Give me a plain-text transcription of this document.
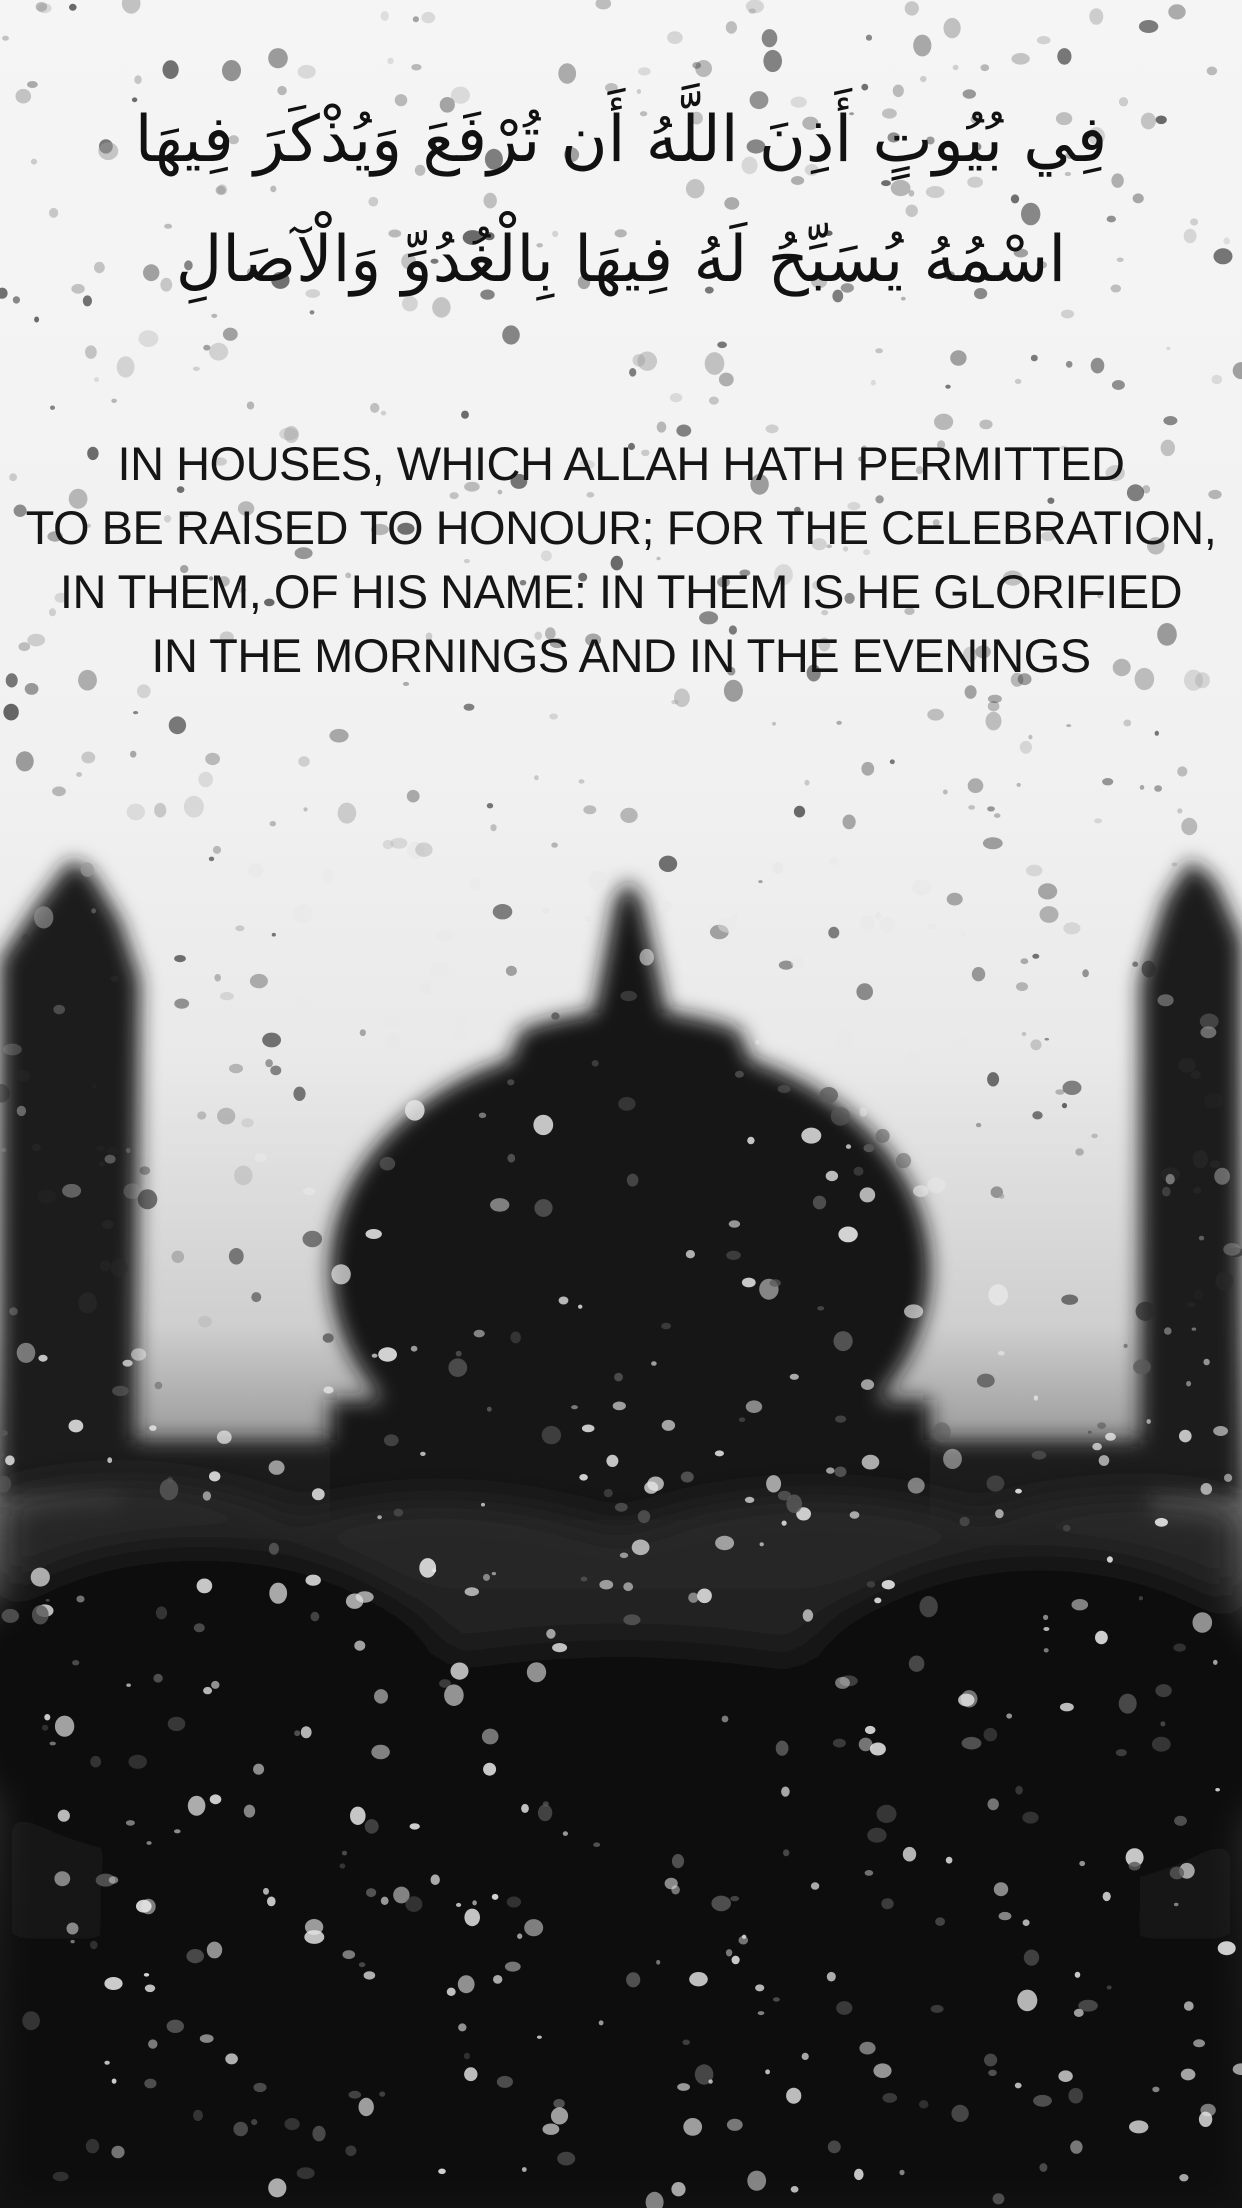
فِي بُيُوتٍ أَذِنَ اللَّهُ أَن تُرْفَعَ وَيُذْكَرَ فِيهَا
اسْمُهُ يُسَبِّحُ لَهُ فِيهَا بِالْغُدُوِّ وَالْآصَالِ
IN HOUSES, WHICH ALLAH HATH PERMITTED
TO BE RAISED TO HONOUR; FOR THE CELEBRATION,
IN THEM, OF HIS NAME: IN THEM IS HE GLORIFIED
IN THE MORNINGS AND IN THE EVENINGS
